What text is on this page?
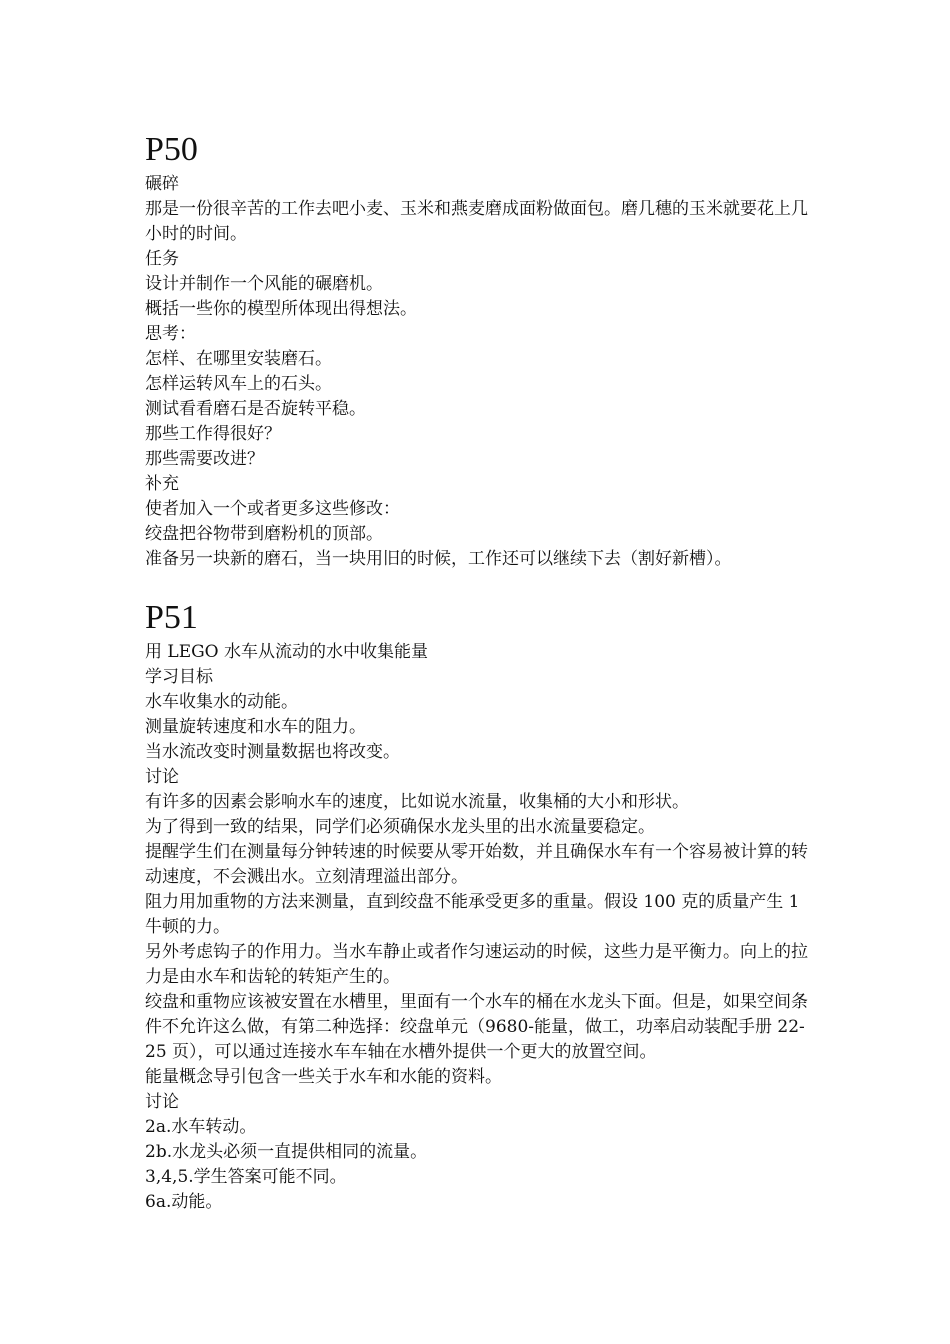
P50

碾碎

那是一份很辛苦的工作去吧小麦、玉米和燕麦磨成面粉做面包。磨几穗的玉米就要花上几小时的时间。

任务

设计并制作一个风能的碾磨机。

概括一些你的模型所体现出得想法。

思考：

怎样、在哪里安装磨石。

怎样运转风车上的石头。

测试看看磨石是否旋转平稳。

那些工作得很好？

那些需要改进？

补充

使者加入一个或者更多这些修改：

绞盘把谷物带到磨粉机的顶部。

准备另一块新的磨石，当一块用旧的时候，工作还可以继续下去（割好新槽）。

P51

用 LEGO 水车从流动的水中收集能量

学习目标

水车收集水的动能。

测量旋转速度和水车的阻力。

当水流改变时测量数据也将改变。

讨论

有许多的因素会影响水车的速度，比如说水流量，收集桶的大小和形状。

为了得到一致的结果，同学们必须确保水龙头里的出水流量要稳定。

提醒学生们在测量每分钟转速的时候要从零开始数，并且确保水车有一个容易被计算的转动速度，不会溅出水。立刻清理溢出部分。

阻力用加重物的方法来测量，直到绞盘不能承受更多的重量。假设 100 克的质量产生 1 牛顿的力。

另外考虑钩子的作用力。当水车静止或者作匀速运动的时候，这些力是平衡力。向上的拉力是由水车和齿轮的转矩产生的。

绞盘和重物应该被安置在水槽里，里面有一个水车的桶在水龙头下面。但是，如果空间条件不允许这么做，有第二种选择：绞盘单元（9680-能量，做工，功率启动装配手册 22-25 页），可以通过连接水车车轴在水槽外提供一个更大的放置空间。

能量概念导引包含一些关于水车和水能的资料。

讨论

2a.水车转动。

2b.水龙头必须一直提供相同的流量。

3,4,5.学生答案可能不同。

6a.动能。
